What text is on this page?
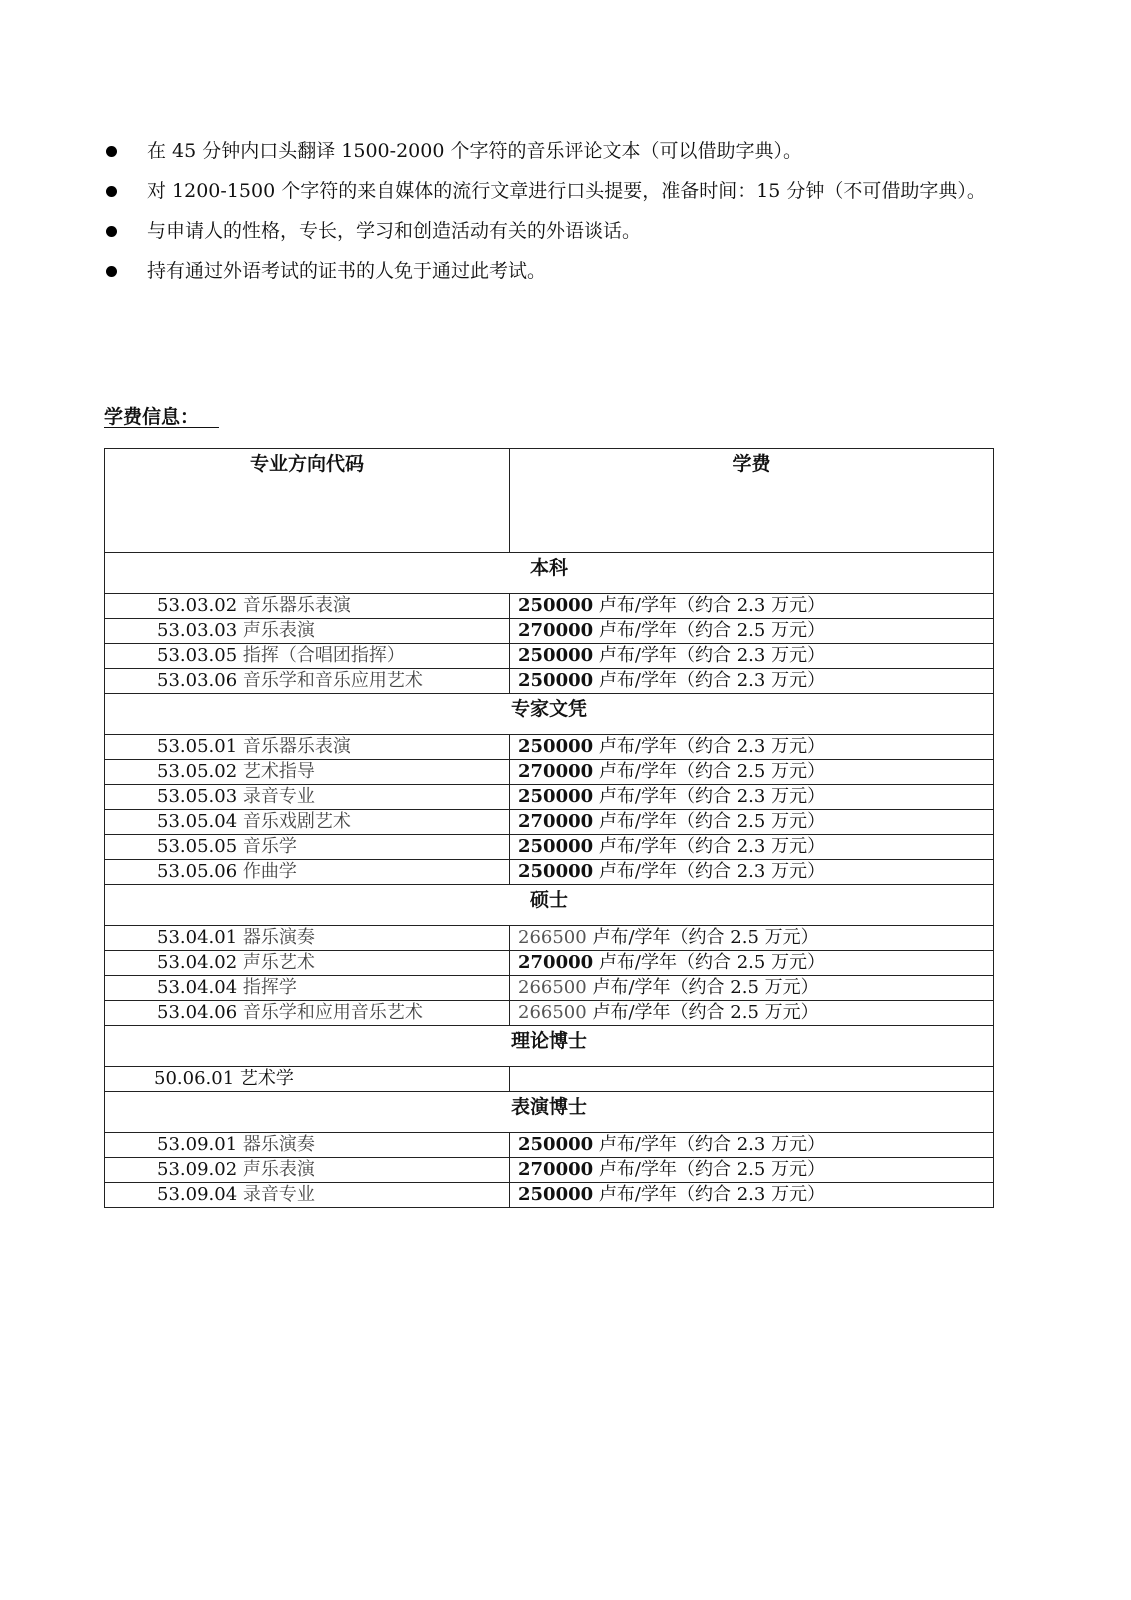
在 45 分钟内口头翻译 1500-2000 个字符的音乐评论文本（可以借助字典）。
对 1200-1500 个字符的来自媒体的流行文章进行口头提要，准备时间：15 分钟（不可借助字典）。
与申请人的性格，专长，学习和创造活动有关的外语谈话。
持有通过外语考试的证书的人免于通过此考试。
学费信息：
专业方向代码	学费
本科	
53.03.02 音乐器乐表演	250000 卢布/学年（约合 2.3 万元）
53.03.03 声乐表演	270000 卢布/学年（约合 2.5 万元）
53.03.05 指挥（合唱团指挥）	250000 卢布/学年（约合 2.3 万元）
53.03.06 音乐学和音乐应用艺术	250000 卢布/学年（约合 2.3 万元）
专家文凭	
53.05.01 音乐器乐表演	250000 卢布/学年（约合 2.3 万元）
53.05.02 艺术指导	270000 卢布/学年（约合 2.5 万元）
53.05.03 录音专业	250000 卢布/学年（约合 2.3 万元）
53.05.04 音乐戏剧艺术	270000 卢布/学年（约合 2.5 万元）
53.05.05 音乐学	250000 卢布/学年（约合 2.3 万元）
53.05.06 作曲学	250000 卢布/学年（约合 2.3 万元）
硕士	
53.04.01 器乐演奏	266500 卢布/学年（约合 2.5 万元）
53.04.02 声乐艺术	270000 卢布/学年（约合 2.5 万元）
53.04.04 指挥学	266500 卢布/学年（约合 2.5 万元）
53.04.06 音乐学和应用音乐艺术	266500 卢布/学年（约合 2.5 万元）
理论博士	
50.06.01 艺术学	
表演博士	
53.09.01 器乐演奏	250000 卢布/学年（约合 2.3 万元）
53.09.02 声乐表演	270000 卢布/学年（约合 2.5 万元）
53.09.04 录音专业	250000 卢布/学年（约合 2.3 万元）
